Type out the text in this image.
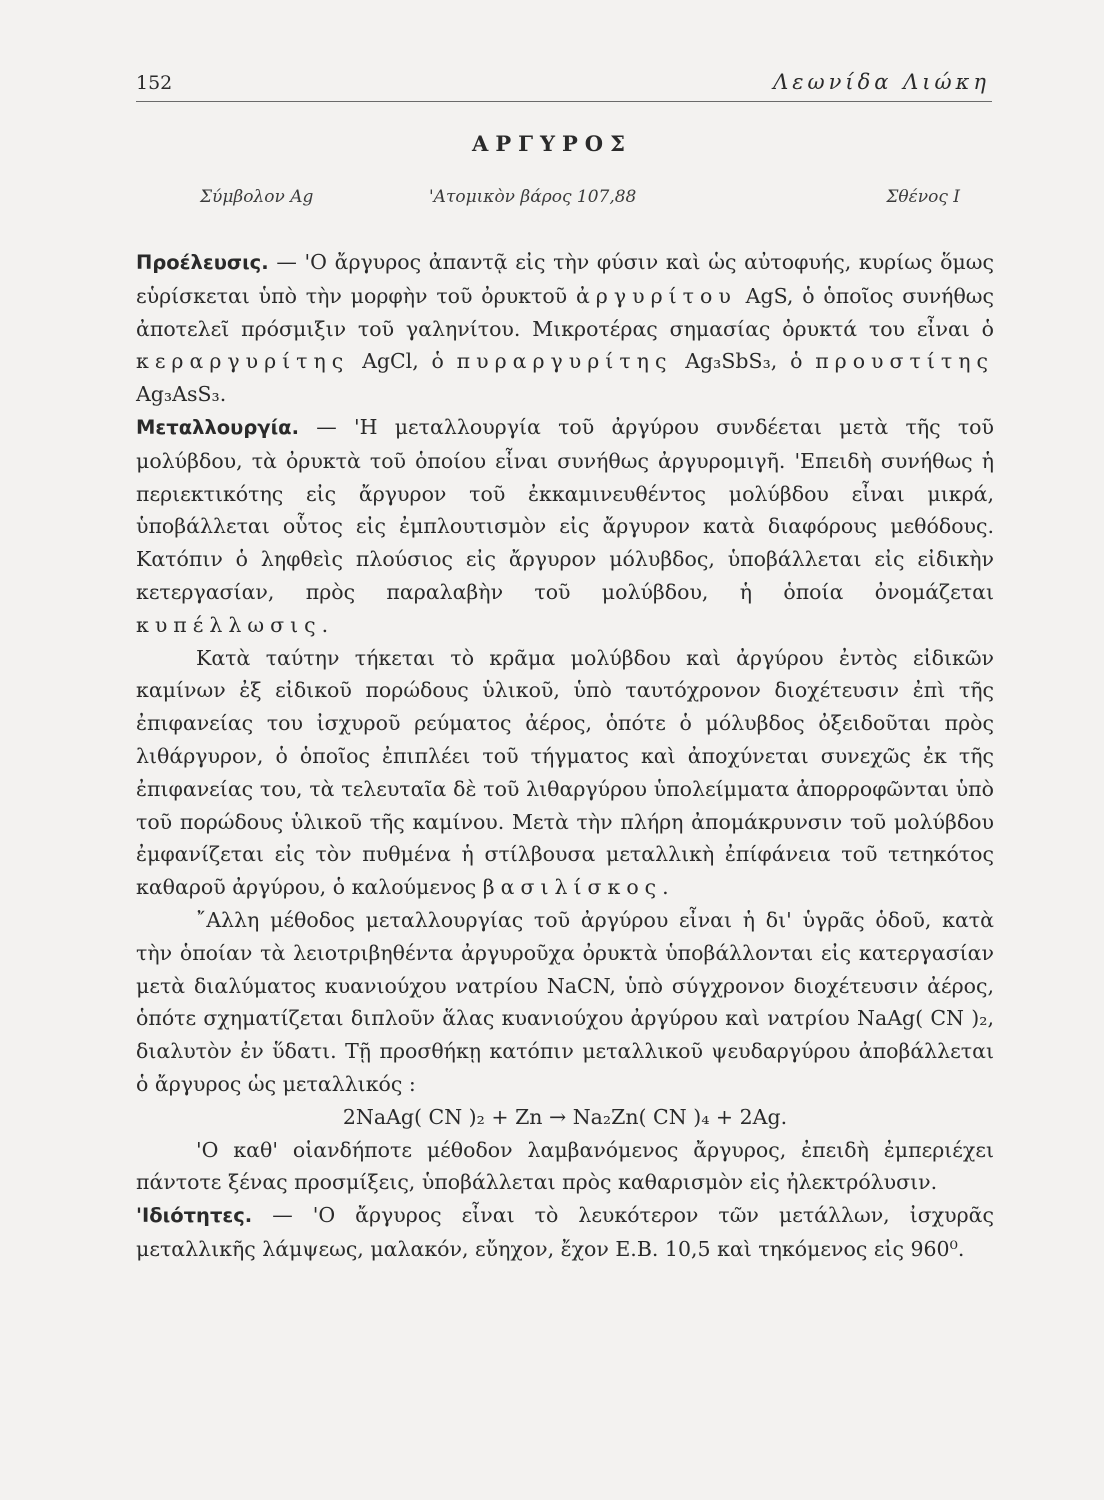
152	Λεωνίδα Λιώκη
ΑΡΓΥΡΟΣ
Σύμβολον Ag	'Ατομικὸν βάρος 107,88	Σθένος I

Προέλευσις. — 'Ο ἄργυρος ἀπαντᾷ εἰς τὴν φύσιν καὶ ὡς αὐτοφυής, κυρίως ὅμως εὑρίσκεται ὑπὸ τὴν μορφὴν τοῦ ὀρυκτοῦ ἀργυρίτου AgS, ὁ ὁποῖος συνήθως ἀποτελεῖ πρόσμιξιν τοῦ γαληνίτου. Μικροτέρας σημασίας ὀρυκτά του εἶναι ὁ κεραργυρίτης AgCl, ὁ πυραργυρίτης Ag₃SbS₃, ὁ προυστίτης Ag₃AsS₃.

Μεταλλουργία. — 'Η μεταλλουργία τοῦ ἀργύρου συνδέεται μετὰ τῆς τοῦ μολύβδου, τὰ ὀρυκτὰ τοῦ ὁποίου εἶναι συνήθως ἀργυρομιγῆ. 'Επειδὴ συνήθως ἡ περιεκτικότης εἰς ἄργυρον τοῦ ἐκκαμινευθέντος μολύβδου εἶναι μικρά, ὑποβάλλεται οὗτος εἰς ἐμπλουτισμὸν εἰς ἄργυρον κατὰ διαφόρους μεθόδους. Κατόπιν ὁ ληφθεὶς πλούσιος εἰς ἄργυρον μόλυβδος, ὑποβάλλεται εἰς εἰδικὴν κετεργασίαν, πρὸς παραλαβὴν τοῦ μολύβδου, ἡ ὁποία ὀνομάζεται κυπέλλωσις.

Κατὰ ταύτην τήκεται τὸ κρᾶμα μολύβδου καὶ ἀργύρου ἐντὸς εἰδικῶν καμίνων ἐξ εἰδικοῦ πορώδους ὑλικοῦ, ὑπὸ ταυτόχρονον διοχέτευσιν ἐπὶ τῆς ἐπιφανείας του ἰσχυροῦ ρεύματος ἀέρος, ὁπότε ὁ μόλυβδος ὀξειδοῦται πρὸς λιθάργυρον, ὁ ὁποῖος ἐπιπλέει τοῦ τήγματος καὶ ἀποχύνεται συνεχῶς ἐκ τῆς ἐπιφανείας του, τὰ τελευταῖα δὲ τοῦ λιθαργύρου ὑπολείμματα ἀπορροφῶνται ὑπὸ τοῦ πορώδους ὑλικοῦ τῆς καμίνου. Μετὰ τὴν πλήρη ἀπομάκρυνσιν τοῦ μολύβδου ἐμφανίζεται εἰς τὸν πυθμένα ἡ στίλβουσα μεταλλικὴ ἐπίφάνεια τοῦ τετηκότος καθαροῦ ἀργύρου, ὁ καλούμενος βασιλίσκος.

῎Αλλη μέθοδος μεταλλουργίας τοῦ ἀργύρου εἶναι ἡ δι' ὑγρᾶς ὁδοῦ, κατὰ τὴν ὁποίαν τὰ λειοτριβηθέντα ἀργυροῦχα ὀρυκτὰ ὑποβάλλονται εἰς κατεργασίαν μετὰ διαλύματος κυανιούχου νατρίου NaCN, ὑπὸ σύγχρονον διοχέτευσιν ἀέρος, ὁπότε σχηματίζεται διπλοῦν ἅλας κυανιούχου ἀργύρου καὶ νατρίου NaAg( CN )₂, διαλυτὸν ἐν ὕδατι. Τῇ προσθήκῃ κατόπιν μεταλλικοῦ ψευδαργύρου ἀποβάλλεται ὁ ἄργυρος ὡς μεταλλικός :

2NaAg( CN )₂ + Zn → Na₂Zn( CN )₄ + 2Ag.

'Ο καθ' οἱανδήποτε μέθοδον λαμβανόμενος ἄργυρος, ἐπειδὴ ἐμπεριέχει πάντοτε ξένας προσμίξεις, ὑποβάλλεται πρὸς καθαρισμὸν εἰς ἠλεκτρόλυσιν.

'Ιδιότητες. — 'Ο ἄργυρος εἶναι τὸ λευκότερον τῶν μετάλλων, ἰσχυρᾶς μεταλλικῆς λάμψεως, μαλακόν, εὔηχον, ἔχον Ε.Β. 10,5 καὶ τηκόμενος εἰς 960⁰.
